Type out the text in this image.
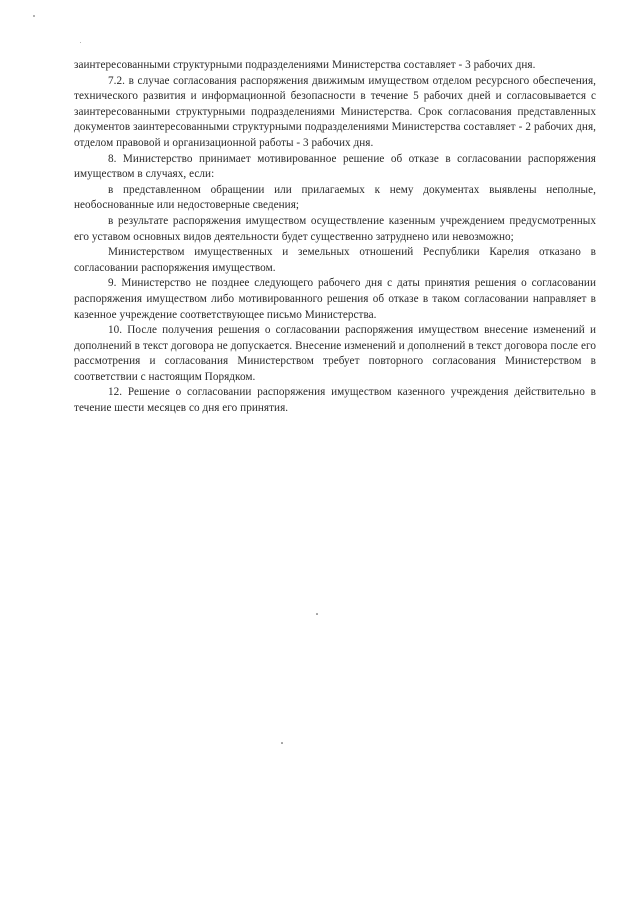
заинтересованными структурными подразделениями Министерства составляет - 3 рабочих дня.

7.2. в случае согласования распоряжения движимым имуществом отделом ресурсного обеспечения, технического развития и информационной безопасности в течение 5 рабочих дней и согласовывается с заинтересованными структурными подразделениями Министерства. Срок согласования представленных документов заинтересованными структурными подразделениями Министерства составляет - 2 рабочих дня, отделом правовой и организационной работы - 3 рабочих дня.

8. Министерство принимает мотивированное решение об отказе в согласовании распоряжения имуществом в случаях, если:

в представленном обращении или прилагаемых к нему документах выявлены неполные, необоснованные или недостоверные сведения;

в результате распоряжения имуществом осуществление казенным учреждением предусмотренных его уставом основных видов деятельности будет существенно затруднено или невозможно;

Министерством имущественных и земельных отношений Республики Карелия отказано в согласовании распоряжения имуществом.

9. Министерство не позднее следующего рабочего дня с даты принятия решения о согласовании распоряжения имуществом либо мотивированного решения об отказе в таком согласовании направляет в казенное учреждение соответствующее письмо Министерства.

10. После получения решения о согласовании распоряжения имуществом внесение изменений и дополнений в текст договора не допускается. Внесение изменений и дополнений в текст договора после его рассмотрения и согласования Министерством требует повторного согласования Министерством в соответствии с настоящим Порядком.

12. Решение о согласовании распоряжения имуществом казенного учреждения действительно в течение шести месяцев со дня его принятия.
